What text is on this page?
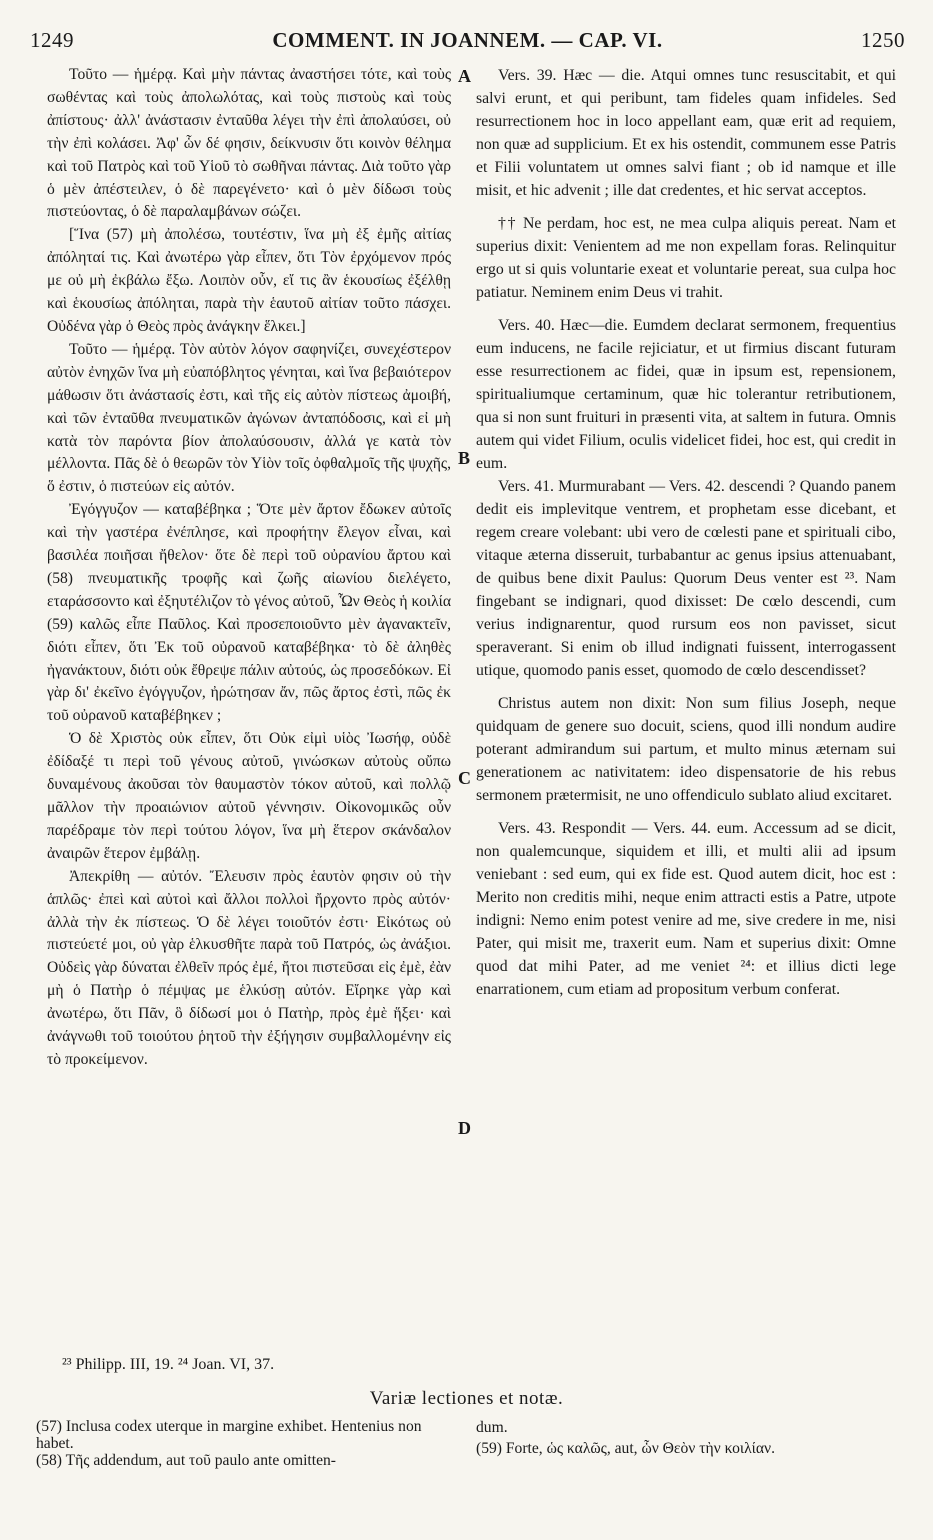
1249	COMMENT. IN JOANNEM. — CAP. VI.	1250

Τοῦτο — ἡμέρᾳ. Καὶ μὴν πάντας ἀναστήσει τότε, καὶ τοὺς σωθέντας καὶ τοὺς ἀπολωλότας, καὶ τοὺς πιστοὺς καὶ τοὺς ἀπίστους· ἀλλ' ἀνάστασιν ἐνταῦθα λέγει τὴν ἐπὶ ἀπολαύσει, οὐ τὴν ἐπὶ κολάσει. Ἀφ' ὧν δέ φησιν, δείκνυσιν ὅτι κοινὸν θέλημα καὶ τοῦ Πατρὸς καὶ τοῦ Υἱοῦ τὸ σωθῆναι πάντας. Διὰ τοῦτο γὰρ ὁ μὲν ἀπέστειλεν, ὁ δὲ παρεγένετο· καὶ ὁ μὲν δίδωσι τοὺς πιστεύοντας, ὁ δὲ παραλαμβάνων σώζει.

[Ἵνα (57) μὴ ἀπολέσω, τουτέστιν, ἵνα μὴ ἐξ ἐμῆς αἰτίας ἀπόληταί τις. Καὶ ἀνωτέρω γὰρ εἶπεν, ὅτι Τὸν ἐρχόμενον πρός με οὐ μὴ ἐκβάλω ἔξω. Λοιπὸν οὖν, εἴ τις ἂν ἑκουσίως ἐξέλθῃ καὶ ἑκουσίως ἀπόληται, παρὰ τὴν ἑαυτοῦ αἰτίαν τοῦτο πάσχει. Οὐδένα γὰρ ὁ Θεὸς πρὸς ἀνάγκην ἕλκει.]

Τοῦτο — ἡμέρᾳ. Τὸν αὐτὸν λόγον σαφηνίζει, συνεχέστερον αὐτὸν ἐνηχῶν ἵνα μὴ εὐαπόβλητος γένηται, καὶ ἵνα βεβαιότερον μάθωσιν ὅτι ἀνάστασίς ἐστι, καὶ τῆς εἰς αὐτὸν πίστεως ἀμοιβή, καὶ τῶν ἐνταῦθα πνευματικῶν ἀγώνων ἀνταπόδοσις, καὶ εἰ μὴ κατὰ τὸν παρόντα βίον ἀπολαύσουσιν, ἀλλά γε κατὰ τὸν μέλλοντα. Πᾶς δὲ ὁ θεωρῶν τὸν Υἱὸν τοῖς ὀφθαλμοῖς τῆς ψυχῆς, ὅ ἐστιν, ὁ πιστεύων εἰς αὐτόν.

Ἐγόγγυζον — καταβέβηκα ; Ὅτε μὲν ἄρτον ἔδωκεν αὐτοῖς καὶ τὴν γαστέρα ἐνέπλησε, καὶ προφήτην ἔλεγον εἶναι, καὶ βασιλέα ποιῆσαι ἤθελον· ὅτε δὲ περὶ τοῦ οὐρανίου ἄρτου καὶ (58) πνευματικῆς τροφῆς καὶ ζωῆς αἰωνίου διελέγετο, εταράσσοντο καὶ ἐξηυτέλιζον τὸ γένος αὐτοῦ, Ὧν Θεὸς ἡ κοιλία (59) καλῶς εἶπε Παῦλος. Καὶ προσεποιοῦντο μὲν ἀγανακτεῖν, διότι εἶπεν, ὅτι Ἐκ τοῦ οὐρανοῦ καταβέβηκα· τὸ δὲ ἀληθὲς ἠγανάκτουν, διότι οὐκ ἔθρεψε πάλιν αὐτούς, ὡς προσεδόκων. Εἰ γὰρ δι' ἐκεῖνο ἐγόγγυζον, ἠρώτησαν ἄν, πῶς ἄρτος ἐστὶ, πῶς ἐκ τοῦ οὐρανοῦ καταβέβηκεν ;

Ὁ δὲ Χριστὸς οὐκ εἶπεν, ὅτι Οὐκ εἰμὶ υἱὸς Ἰωσήφ, οὐδὲ ἐδίδαξέ τι περὶ τοῦ γένους αὐτοῦ, γινώσκων αὐτοὺς οὔπω δυναμένους ἀκοῦσαι τὸν θαυμαστὸν τόκον αὐτοῦ, καὶ πολλῷ μᾶλλον τὴν προαιώνιον αὐτοῦ γέννησιν. Οἰκονομικῶς οὖν παρέδραμε τὸν περὶ τούτου λόγον, ἵνα μὴ ἕτερον σκάνδαλον ἀναιρῶν ἕτερον ἐμβάλῃ.

Ἀπεκρίθη — αὐτόν. Ἔλευσιν πρὸς ἑαυτὸν φησιν οὐ τὴν ἁπλῶς· ἐπεὶ καὶ αὐτοὶ καὶ ἄλλοι πολλοὶ ἤρχοντο πρὸς αὐτόν· ἀλλὰ τὴν ἐκ πίστεως. Ὁ δὲ λέγει τοιοῦτόν ἐστι· Εἰκότως οὐ πιστεύετέ μοι, οὐ γὰρ ἑλκυσθῆτε παρὰ τοῦ Πατρός, ὡς ἀνάξιοι. Οὐδεὶς γὰρ δύναται ἐλθεῖν πρός ἐμέ, ἤτοι πιστεῦσαι εἰς ἐμὲ, ἐὰν μὴ ὁ Πατὴρ ὁ πέμψας με ἑλκύσῃ αὐτόν. Εἴρηκε γὰρ καὶ ἀνωτέρω, ὅτι Πᾶν, ὃ δίδωσί μοι ὁ Πατὴρ, πρὸς ἐμὲ ἥξει· καὶ ἀνάγνωθι τοῦ τοιούτου ῥητοῦ τὴν ἐξήγησιν συμβαλλομένην εἰς τὸ προκείμενον.

A
B
C
D

Vers. 39. Hæc — die. Atqui omnes tunc resuscitabit, et qui salvi erunt, et qui peribunt, tam fideles quam infideles. Sed resurrectionem hoc in loco appellant eam, quæ erit ad requiem, non quæ ad supplicium. Et ex his ostendit, communem esse Patris et Filii voluntatem ut omnes salvi fiant ; ob id namque et ille misit, et hic advenit ; ille dat credentes, et hic servat acceptos.

†† Ne perdam, hoc est, ne mea culpa aliquis pereat. Nam et superius dixit: Venientem ad me non expellam foras. Relinquitur ergo ut si quis voluntarie exeat et voluntarie pereat, sua culpa hoc patiatur. Neminem enim Deus vi trahit.

Vers. 40. Hæc—die. Eumdem declarat sermonem, frequentius eum inducens, ne facile rejiciatur, et ut firmius discant futuram esse resurrectionem ac fidei, quæ in ipsum est, repensionem, spiritualiumque certaminum, quæ hic tolerantur retributionem, qua si non sunt fruituri in præsenti vita, at saltem in futura. Omnis autem qui videt Filium, oculis videlicet fidei, hoc est, qui credit in eum.

Vers. 41. Murmurabant — Vers. 42. descendi ? Quando panem dedit eis implevitque ventrem, et prophetam esse dicebant, et regem creare volebant: ubi vero de cœlesti pane et spirituali cibo, vitaque æterna disseruit, turbabantur ac genus ipsius attenuabant, de quibus bene dixit Paulus: Quorum Deus venter est ²³. Nam fingebant se indignari, quod dixisset: De cœlo descendi, cum verius indignarentur, quod rursum eos non pavisset, sicut speraverant. Si enim ob illud indignati fuissent, interrogassent utique, quomodo panis esset, quomodo de cœlo descendisset?

Christus autem non dixit: Non sum filius Joseph, neque quidquam de genere suo docuit, sciens, quod illi nondum audire poterant admirandum sui partum, et multo minus æternam sui generationem ac nativitatem: ideo dispensatorie de his rebus sermonem prætermisit, ne uno offendiculo sublato aliud excitaret.

Vers. 43. Respondit — Vers. 44. eum. Accessum ad se dicit, non qualemcunque, siquidem et illi, et multi alii ad ipsum veniebant : sed eum, qui ex fide est. Quod autem dicit, hoc est : Merito non creditis mihi, neque enim attracti estis a Patre, utpote indigni: Nemo enim potest venire ad me, sive credere in me, nisi Pater, qui misit me, traxerit eum. Nam et superius dixit: Omne quod dat mihi Pater, ad me veniet ²⁴: et illius dicti lege enarrationem, cum etiam ad propositum verbum conferat.

²³ Philipp. III, 19. ²⁴ Joan. VI, 37.
Variæ lectiones et notæ.

(57) Inclusa codex uterque in margine exhibet. Hentenius non habet.

(58) Τῆς addendum, aut τοῦ paulo ante omitten-

dum.

(59) Forte, ὡς καλῶς, aut, ὧν Θεὸν τὴν κοιλίαν.
